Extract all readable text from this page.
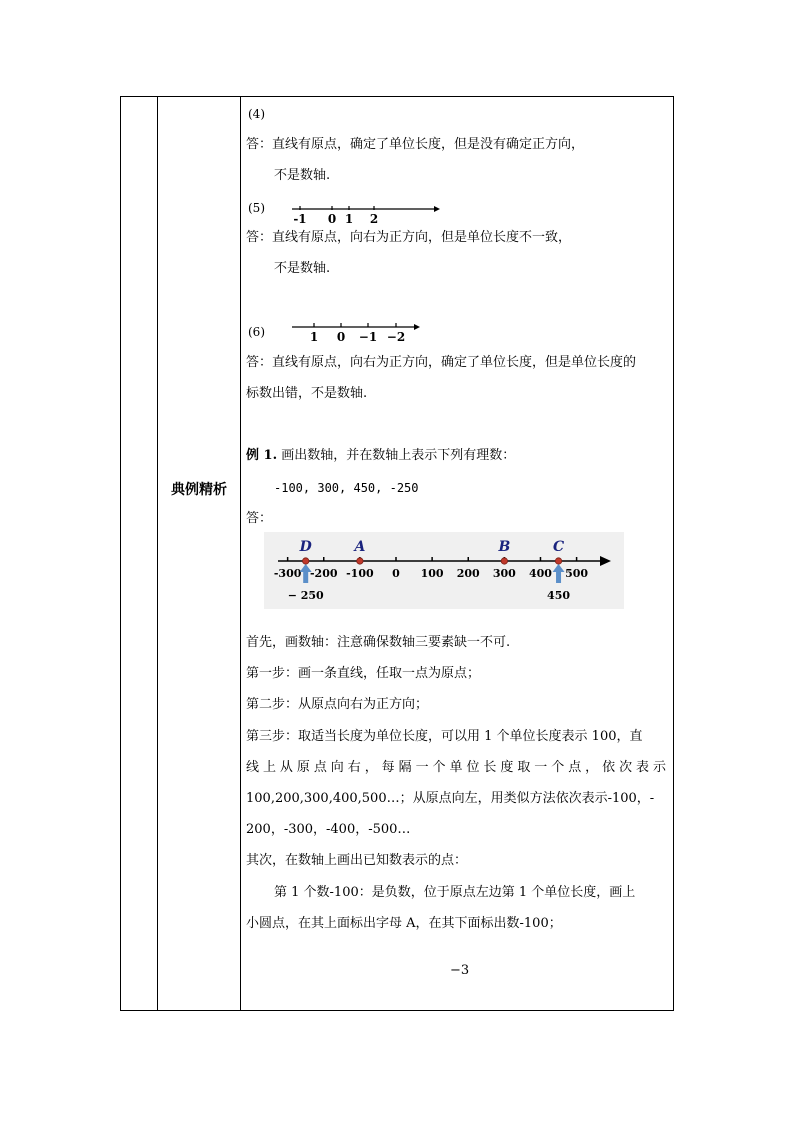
典例精析
(4)
答：直线有原点，确定了单位长度，但是没有确定正方向，
不是数轴.
(5)
-1 0 1 2
答：直线有原点，向右为正方向，但是单位长度不一致，
不是数轴.
(6)	1 0 −1 −2
答：直线有原点，向右为正方向，确定了单位长度，但是单位长度的
标数出错，不是数轴.
例 1. 画出数轴，并在数轴上表示下列有理数：
-100, 300, 450, -250
答：
-300 -200 -100 0 100 200 300 400 500
D
− 250
A	B	C
450
首先，画数轴：注意确保数轴三要素缺一不可.
第一步：画一条直线，任取一点为原点；
第二步：从原点向右为正方向；
第三步：取适当长度为单位长度，可以用 1 个单位长度表示 100，直
线上从原点向右，每隔一个单位长度取一个点，依次表示
100,200,300,400,500…；从原点向左，用类似方法依次表示-100，-
200，-300，-400，-500…
其次，在数轴上画出已知数表示的点：
第 1 个数-100：是负数，位于原点左边第 1 个单位长度，画上
小圆点，在其上面标出字母 A，在其下面标出数-100；
−3
